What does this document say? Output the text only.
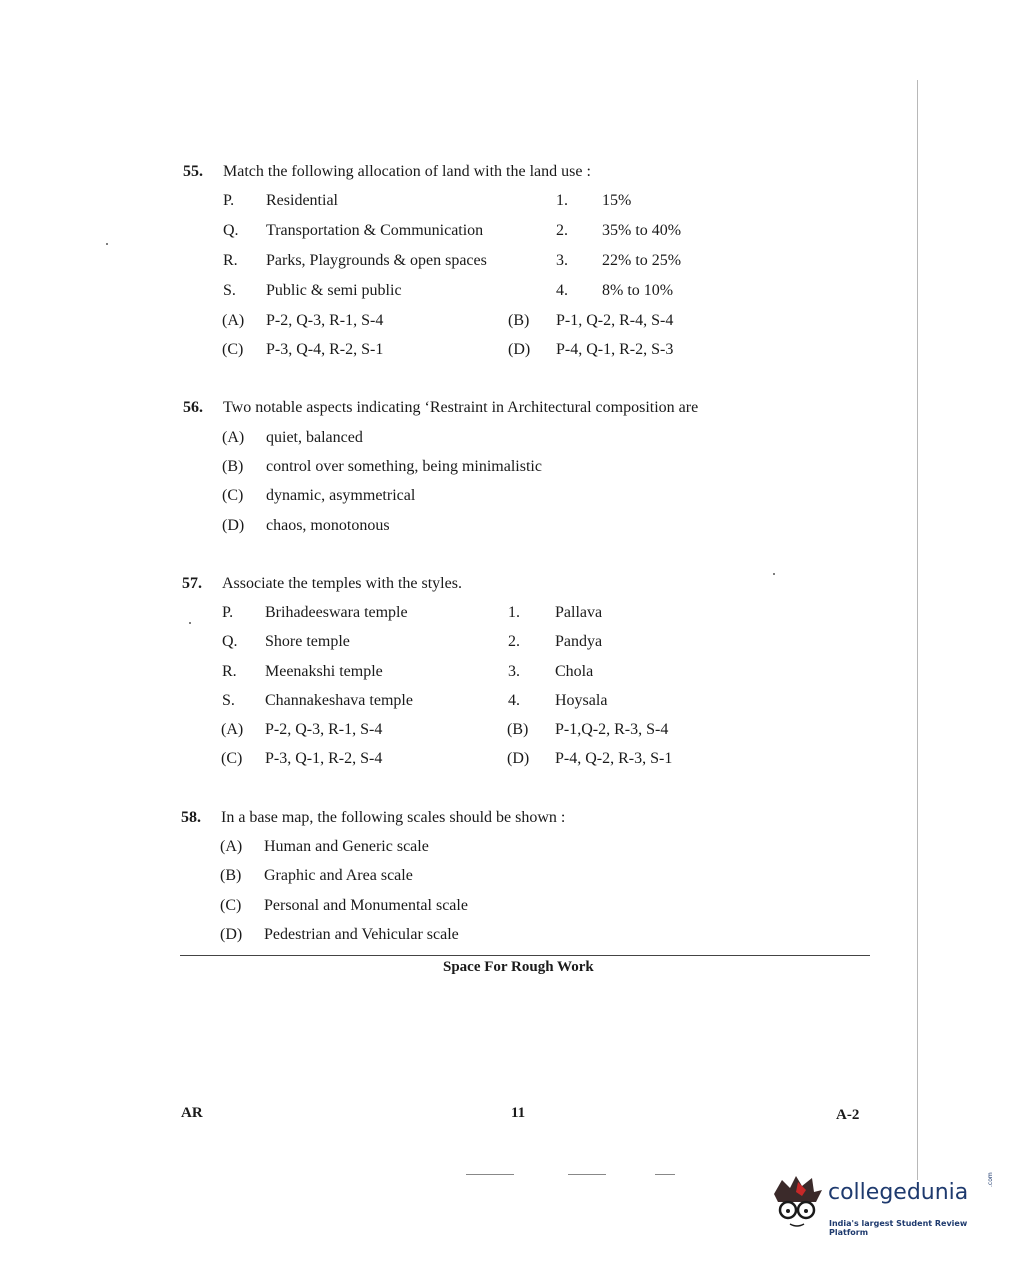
55. Match the following allocation of land with the land use :
P. Residential	1. 15%
Q. Transportation & Communication	2. 35% to 40%
R. Parks, Playgrounds & open spaces	3. 22% to 25%
S. Public & semi public	4. 8% to 10%
(A) P-2, Q-3, R-1, S-4	(B) P-1, Q-2, R-4, S-4
(C) P-3, Q-4, R-2, S-1	(D) P-4, Q-1, R-2, S-3
56. Two notable aspects indicating ‘Restraint in Architectural composition are
(A) quiet, balanced
(B) control over something, being minimalistic
(C) dynamic, asymmetrical
(D) chaos, monotonous
57. Associate the temples with the styles.
P. Brihadeeswara temple	1. Pallava
Q. Shore temple	2. Pandya
R. Meenakshi temple	3. Chola
S. Channakeshava temple	4. Hoysala
(A) P-2, Q-3, R-1, S-4	(B) P-1,Q-2, R-3, S-4
(C) P-3, Q-1, R-2, S-4	(D) P-4, Q-2, R-3, S-1
58. In a base map, the following scales should be shown :
(A) Human and Generic scale
(B) Graphic and Area scale
(C) Personal and Monumental scale
(D) Pedestrian and Vehicular scale
Space For Rough Work
AR	11	A-2
collegedunia
.com
India's largest Student Review Platform
